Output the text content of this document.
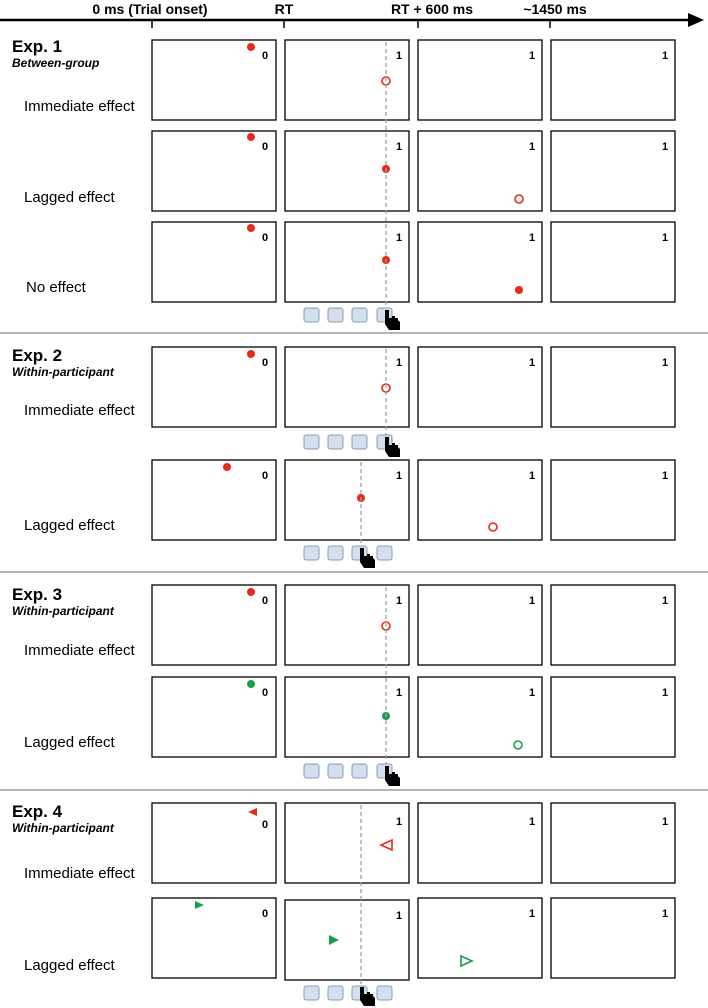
0 ms (Trial onset)	RT	RT + 600 ms	~1450 ms
Exp. 1
Between-group
Immediate effect
0	1	1	1
Lagged effect
0	1	1	1
No effect
0	1	1	1
Exp. 2
Within-participant
Immediate effect
0	1	1	1
Lagged effect
0	1	1	1
Exp. 3
Within-participant
Immediate effect
0	1	1	1
Lagged effect
0	1	1	1
Exp. 4
Within-participant
Immediate effect
0	1	1	1
Lagged effect
0	1	1	1
